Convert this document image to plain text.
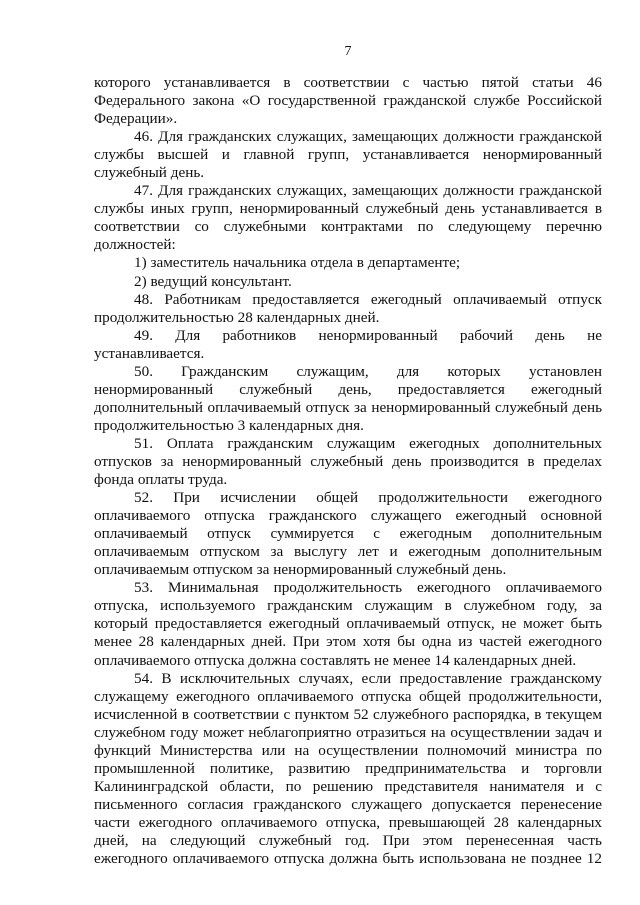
7
которого устанавливается в соответствии с частью пятой статьи 46
Федерального закона «О государственной гражданской службе Российской
Федерации».
46. Для гражданских служащих, замещающих должности гражданской
службы высшей и главной групп, устанавливается ненормированный
служебный день.
47. Для гражданских служащих, замещающих должности гражданской
службы иных групп, ненормированный служебный день устанавливается в
соответствии со служебными контрактами по следующему перечню
должностей:
1) заместитель начальника отдела в департаменте;
2) ведущий консультант.
48. Работникам предоставляется ежегодный оплачиваемый отпуск
продолжительностью 28 календарных дней.
49. Для работников ненормированный рабочий день не
устанавливается.
50. Гражданским служащим, для которых установлен
ненормированный служебный день, предоставляется ежегодный
дополнительный оплачиваемый отпуск за ненормированный служебный день
продолжительностью 3 календарных дня.
51. Оплата гражданским служащим ежегодных дополнительных
отпусков за ненормированный служебный день производится в пределах
фонда оплаты труда.
52. При исчислении общей продолжительности ежегодного
оплачиваемого отпуска гражданского служащего ежегодный основной
оплачиваемый отпуск суммируется с ежегодным дополнительным
оплачиваемым отпуском за выслугу лет и ежегодным дополнительным
оплачиваемым отпуском за ненормированный служебный день.
53. Минимальная продолжительность ежегодного оплачиваемого
отпуска, используемого гражданским служащим в служебном году, за
который предоставляется ежегодный оплачиваемый отпуск, не может быть
менее 28 календарных дней. При этом хотя бы одна из частей ежегодного
оплачиваемого отпуска должна составлять не менее 14 календарных дней.
54. В исключительных случаях, если предоставление гражданскому
служащему ежегодного оплачиваемого отпуска общей продолжительности,
исчисленной в соответствии с пунктом 52 служебного распорядка, в текущем
служебном году может неблагоприятно отразиться на осуществлении задач и
функций Министерства или на осуществлении полномочий министра по
промышленной политике, развитию предпринимательства и торговли
Калининградской области, по решению представителя нанимателя и с
письменного согласия гражданского служащего допускается перенесение
части ежегодного оплачиваемого отпуска, превышающей 28 календарных
дней, на следующий служебный год. При этом перенесенная часть
ежегодного оплачиваемого отпуска должна быть использована не позднее 12
